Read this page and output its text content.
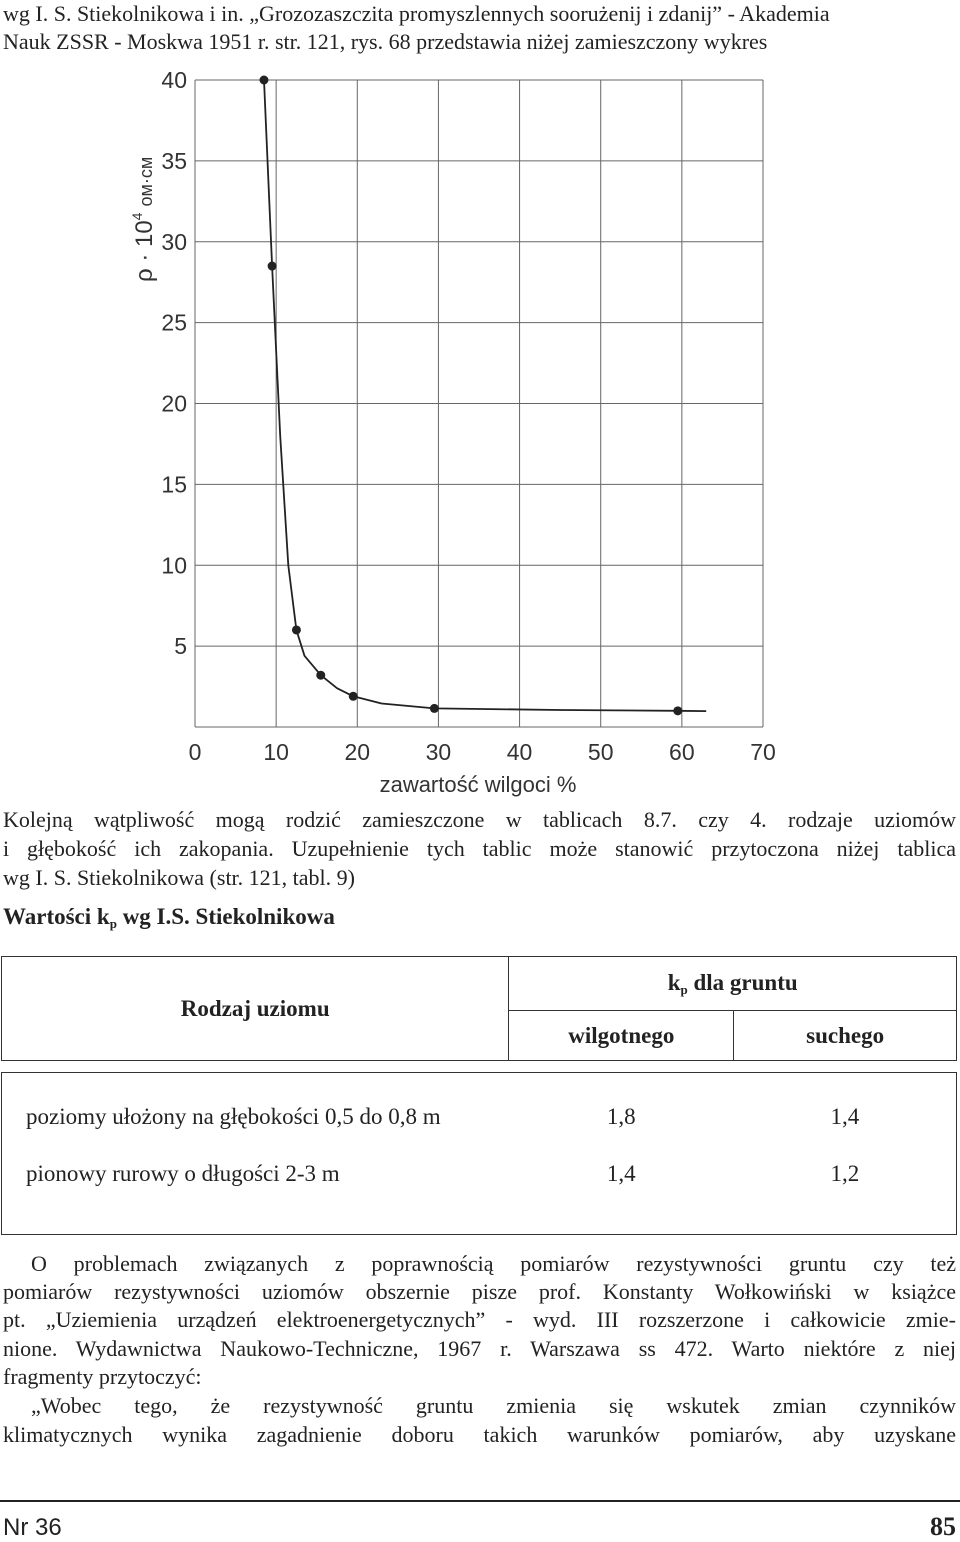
wg I. S. Stiekolnikowa i in. „Grozozaszczita promyszlennych soorużenij i zdanij” - Akademia
Nauk ZSSR - Moskwa 1951 r. str. 121, rys. 68 przedstawia niżej zamieszczony wykres
0	10 20 30 40 50 60 70
5
10
15
20
25
30
35
40
zawartość wilgoci %
$\rho \cdot 10^4_{ом\cdot см}$
Kolejną wątpliwość mogą rodzić zamieszczone w tablicach 8.7. czy 4. rodzaje uziomów
i głębokość ich zakopania. Uzupełnienie tych tablic może stanowić przytoczona niżej tablica
wg I. S. Stiekolnikowa (str. 121, tabl. 9)
Wartości $k_p$ wg I.S. Stiekolnikowa
Rodzaj uziomu	$k_p$ dla gruntu	
	wilgotnego	suchego

poziomy ułożony na głębokości 0,5 do 0,8 m	1,8	1,4
pionowy rurowy o długości 2-3 m	1,4	1,2
O problemach związanych z poprawnością pomiarów rezystywności gruntu czy też
pomiarów rezystywności uziomów obszernie pisze prof. Konstanty Wołkowiński w książce
pt. „Uziemienia urządzeń elektroenergetycznych” - wyd. III rozszerzone i całkowicie zmie-
nione. Wydawnictwa Naukowo-Techniczne, 1967 r. Warszawa ss 472. Warto niektóre z niej
fragmenty przytoczyć:
„Wobec tego, że rezystywność gruntu zmienia się wskutek zmian czynników
klimatycznych wynika zagadnienie doboru takich warunków pomiarów, aby uzyskane
Nr 36	85
